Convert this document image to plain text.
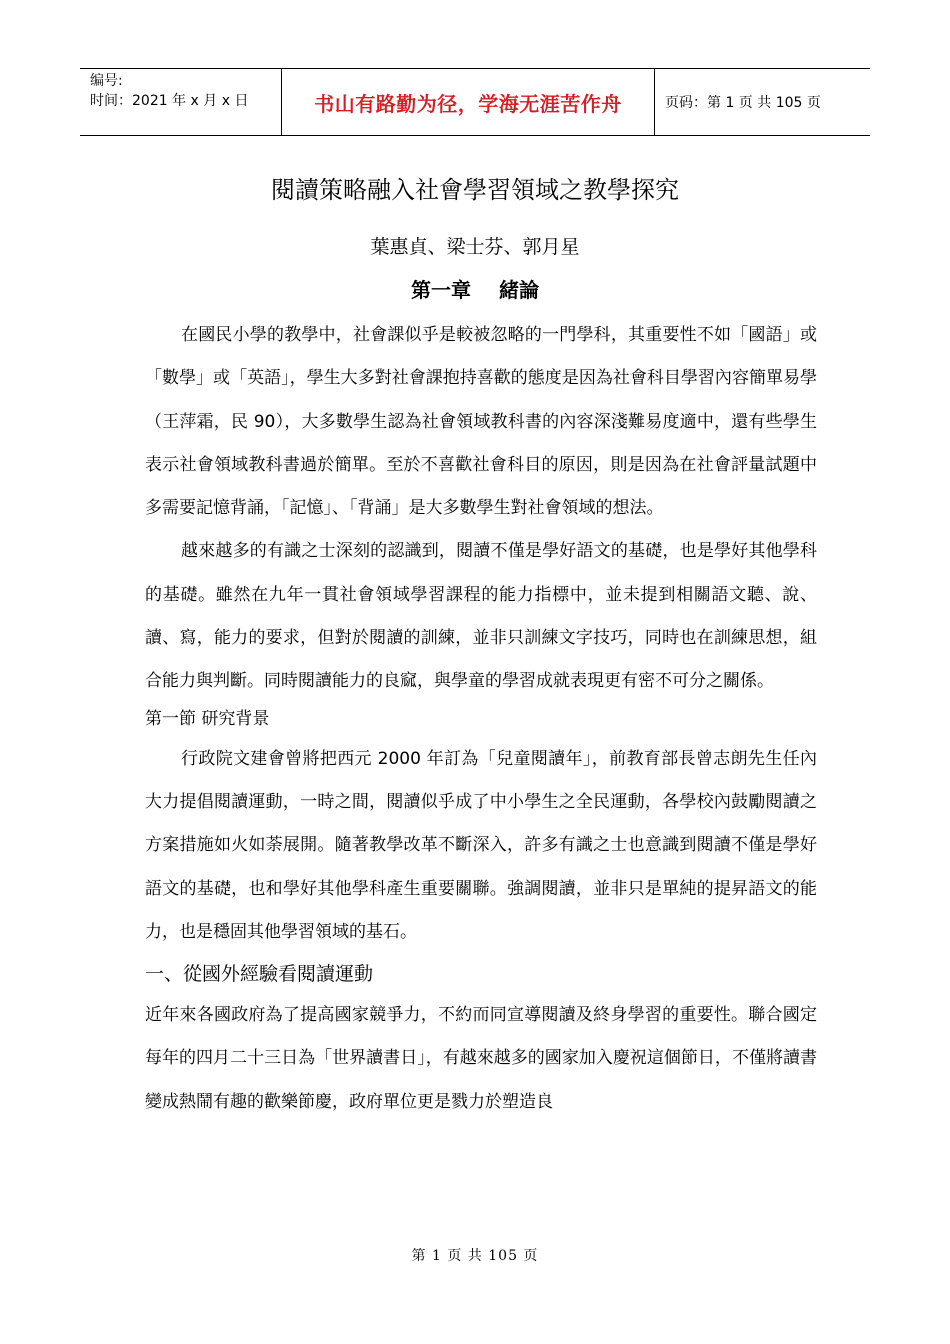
编号:
时间：2021 年 x 月 x 日	书山有路勤为径，学海无涯苦作舟	页码：第 1 页 共 105 页
閱讀策略融入社會學習領域之教學探究
葉惠貞、梁士芬、郭月星
第一章 緒論

在國民小學的教學中，社會課似乎是較被忽略的一門學科，其重要性不如「國語」或「數學」或「英語」，學生大多對社會課抱持喜歡的態度是因為社會科目學習內容簡單易學（王萍霜，民 90），大多數學生認為社會領域教科書的內容深淺難易度適中，還有些學生表示社會領域教科書過於簡單。至於不喜歡社會科目的原因，則是因為在社會評量試題中多需要記憶背誦，「記憶」、「背誦」是大多數學生對社會領域的想法。

越來越多的有識之士深刻的認識到，閱讀不僅是學好語文的基礎，也是學好其他學科的基礎。雖然在九年一貫社會領域學習課程的能力指標中，並未提到相關語文聽、說、讀、寫，能力的要求，但對於閱讀的訓練，並非只訓練文字技巧，同時也在訓練思想，組合能力與判斷。同時閱讀能力的良窳，與學童的學習成就表現更有密不可分之關係。

第一節 研究背景

行政院文建會曾將把西元 2000 年訂為「兒童閱讀年」，前教育部長曾志朗先生任內大力提倡閱讀運動，一時之間，閱讀似乎成了中小學生之全民運動，各學校內鼓勵閱讀之方案措施如火如荼展開。隨著教學改革不斷深入，許多有識之士也意識到閱讀不僅是學好語文的基礎，也和學好其他學科產生重要關聯。強調閱讀，並非只是單純的提昇語文的能力，也是穩固其他學習領域的基石。

一、從國外經驗看閱讀運動

近年來各國政府為了提高國家競爭力，不約而同宣導閱讀及終身學習的重要性。聯合國定每年的四月二十三日為「世界讀書日」，有越來越多的國家加入慶祝這個節日，不僅將讀書變成熱鬧有趣的歡樂節慶，政府單位更是戮力於塑造良

第 1 页 共 105 页
